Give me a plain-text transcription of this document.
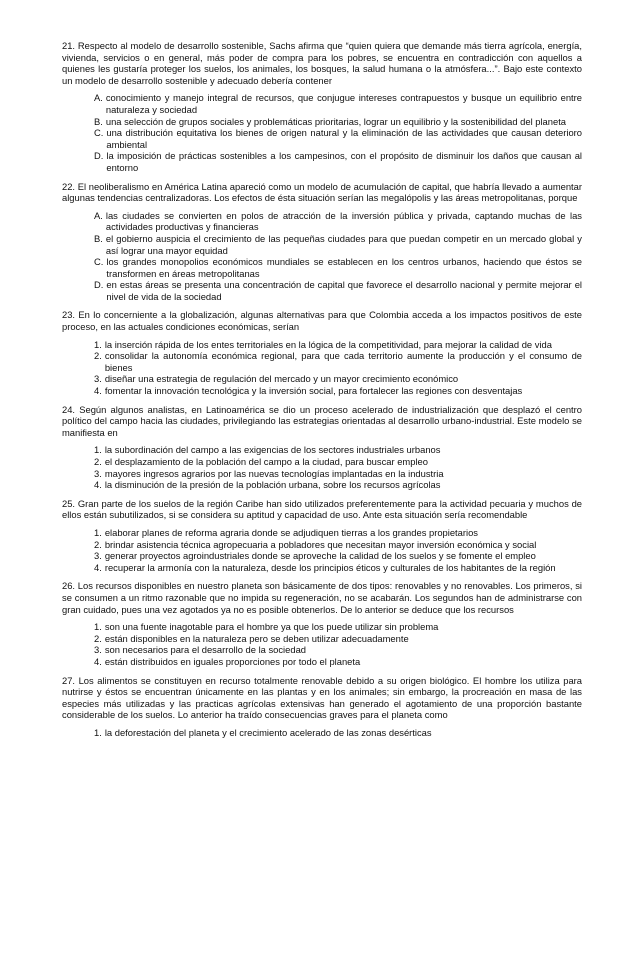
21. Respecto al modelo de desarrollo sostenible, Sachs afirma que “quien quiera que demande más tierra agrícola, energía, vivienda, servicios o en general, más poder de compra para los pobres, se encuentra en contradicción con aquellos a quienes les gustaría proteger los suelos, los animales, los bosques, la salud humana o la atmósfera...”. Bajo este contexto un modelo de desarrollo sostenible y adecuado debería contener

A. conocimiento y manejo integral de recursos, que conjugue intereses contrapuestos y busque un equilibrio entre naturaleza y sociedad
B. una selección de grupos sociales y problemáticas prioritarias, lograr un equilibrio y la sostenibilidad del planeta
C. una distribución equitativa los bienes de origen natural y la eliminación de las actividades que causan deterioro ambiental
D. la imposición de prácticas sostenibles a los campesinos, con el propósito de disminuir los daños que causan al entorno

22. El neoliberalismo en América Latina apareció como un modelo de acumulación de capital, que habría llevado a aumentar algunas tendencias centralizadoras. Los efectos de ésta situación serían las megalópolis y las áreas metropolitanas, porque

A. las ciudades se convierten en polos de atracción de la inversión pública y privada, captando muchas de las actividades productivas y financieras
B. el gobierno auspicia el crecimiento de las pequeñas ciudades para que puedan competir en un mercado global y así lograr una mayor equidad
C. los grandes monopolios económicos mundiales se establecen en los centros urbanos, haciendo que éstos se transformen en áreas metropolitanas
D. en estas áreas se presenta una concentración de capital que favorece el desarrollo nacional y permite mejorar el nivel de vida de la sociedad

23. En lo concerniente a la globalización, algunas alternativas para que Colombia acceda a los impactos positivos de este proceso, en las actuales condiciones económicas, serían

1. la inserción rápida de los entes territoriales en la lógica de la competitividad, para mejorar la calidad de vida
2. consolidar la autonomía económica regional, para que cada territorio aumente la producción y el consumo de bienes
3. diseñar una estrategia de regulación del mercado y un mayor crecimiento económico
4. fomentar la innovación tecnológica y la inversión social, para fortalecer las regiones con desventajas

24. Según algunos analistas, en Latinoamérica se dio un proceso acelerado de industrialización que desplazó el centro político del campo hacia las ciudades, privilegiando las estrategias orientadas al desarrollo urbano-industrial. Este modelo se manifiesta en

1. la subordinación del campo a las exigencias de los sectores industriales urbanos
2. el desplazamiento de la población del campo a la ciudad, para buscar empleo
3. mayores ingresos agrarios por las nuevas tecnologías implantadas en la industria
4. la disminución de la presión de la población urbana, sobre los recursos agrícolas

25. Gran parte de los suelos de la región Caribe han sido utilizados preferentemente para la actividad pecuaria y muchos de ellos están subutilizados, si se considera su aptitud y capacidad de uso. Ante esta situación sería recomendable

1. elaborar planes de reforma agraria donde se adjudiquen tierras a los grandes propietarios
2. brindar asistencia técnica agropecuaria a pobladores que necesitan mayor inversión económica y social
3. generar proyectos agroindustriales donde se aproveche la calidad de los suelos y se fomente el empleo
4. recuperar la armonía con la naturaleza, desde los principios éticos y culturales de los habitantes de la región

26. Los recursos disponibles en nuestro planeta son básicamente de dos tipos: renovables y no renovables. Los primeros, si se consumen a un ritmo razonable que no impida su regeneración, no se acabarán. Los segundos han de administrarse con gran cuidado, pues una vez agotados ya no es posible obtenerlos. De lo anterior se deduce que los recursos

1. son una fuente inagotable para el hombre ya que los puede utilizar sin problema
2. están disponibles en la naturaleza pero se deben utilizar adecuadamente
3. son necesarios para el desarrollo de la sociedad
4. están distribuidos en iguales proporciones por todo el planeta

27. Los alimentos se constituyen en recurso totalmente renovable debido a su origen biológico. El hombre los utiliza para nutrirse y éstos se encuentran únicamente en las plantas y en los animales; sin embargo, la procreación en masa de las especies más utilizadas y las practicas agrícolas extensivas han generado el agotamiento de una proporción bastante considerable de los suelos. Lo anterior ha traído consecuencias graves para el planeta como

1. la deforestación del planeta y el crecimiento acelerado de las zonas desérticas
